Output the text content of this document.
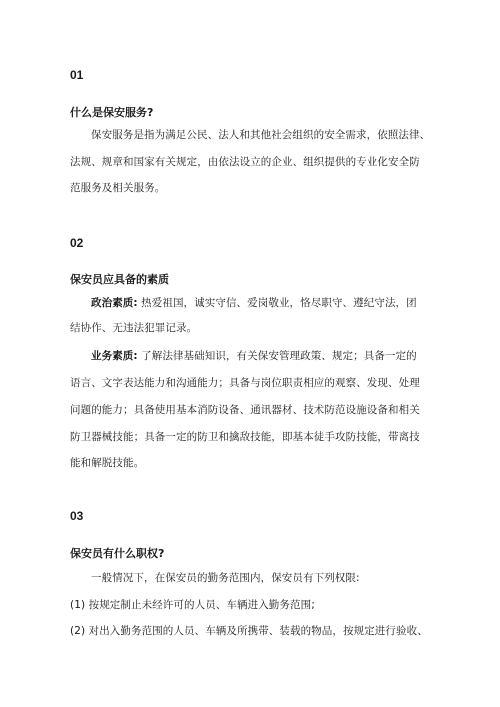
01
什么是保安服务?
保安服务是指为满足公民、法人和其他社会组织的安全需求，依照法律、
法规、规章和国家有关规定，由依法设立的企业、组织提供的专业化安全防
范服务及相关服务。
02
保安员应具备的素质
政治素质: 热爱祖国，诚实守信、爱岗敬业，恪尽职守、遵纪守法，团
结协作、无违法犯罪记录。
业务素质: 了解法律基础知识，有关保安管理政策、规定；具备一定的
语言、文字表达能力和沟通能力；具备与岗位职责相应的观察、发现、处理
问题的能力；具备使用基本消防设备、通讯器材、技术防范设施设备和相关
防卫器械技能；具备一定的防卫和擒敌技能，即基本徒手攻防技能，带离技
能和解脱技能。
03
保安员有什么职权?
一般情况下，在保安员的勤务范围内，保安员有下列权限:
(1) 按规定制止未经许可的人员、车辆进入勤务范围;
(2) 对出入勤务范围的人员、车辆及所携带、装载的物品，按规定进行验收、
